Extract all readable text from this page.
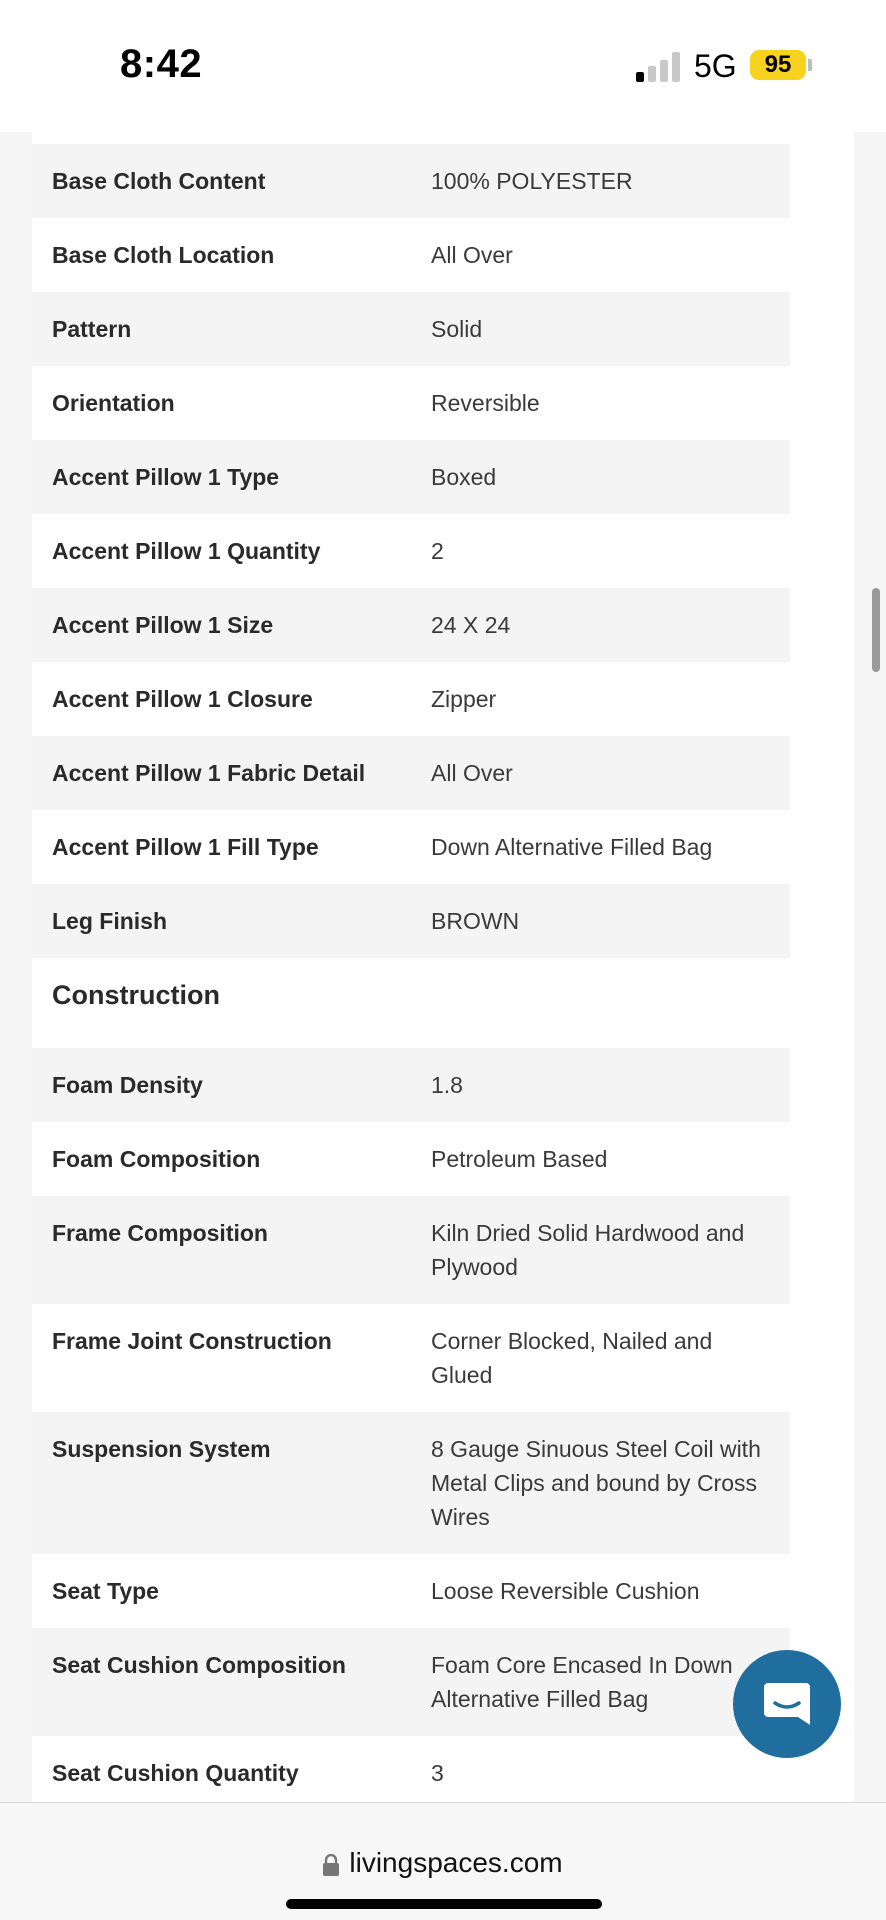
8:42	5G	95
Base Cloth Content	100% POLYESTER
Base Cloth Location	All Over
Pattern	Solid
Orientation	Reversible
Accent Pillow 1 Type	Boxed
Accent Pillow 1 Quantity	2
Accent Pillow 1 Size	24 X 24
Accent Pillow 1 Closure	Zipper
Accent Pillow 1 Fabric Detail	All Over
Accent Pillow 1 Fill Type	Down Alternative Filled Bag
Leg Finish	BROWN
Construction
Foam Density	1.8
Foam Composition	Petroleum Based
Frame Composition	Kiln Dried Solid Hardwood and Plywood
Frame Joint Construction	Corner Blocked, Nailed and Glued
Suspension System	8 Gauge Sinuous Steel Coil with Metal Clips and bound by Cross Wires
Seat Type	Loose Reversible Cushion
Seat Cushion Composition	Foam Core Encased In Down Alternative Filled Bag
Seat Cushion Quantity	3
livingspaces.com
